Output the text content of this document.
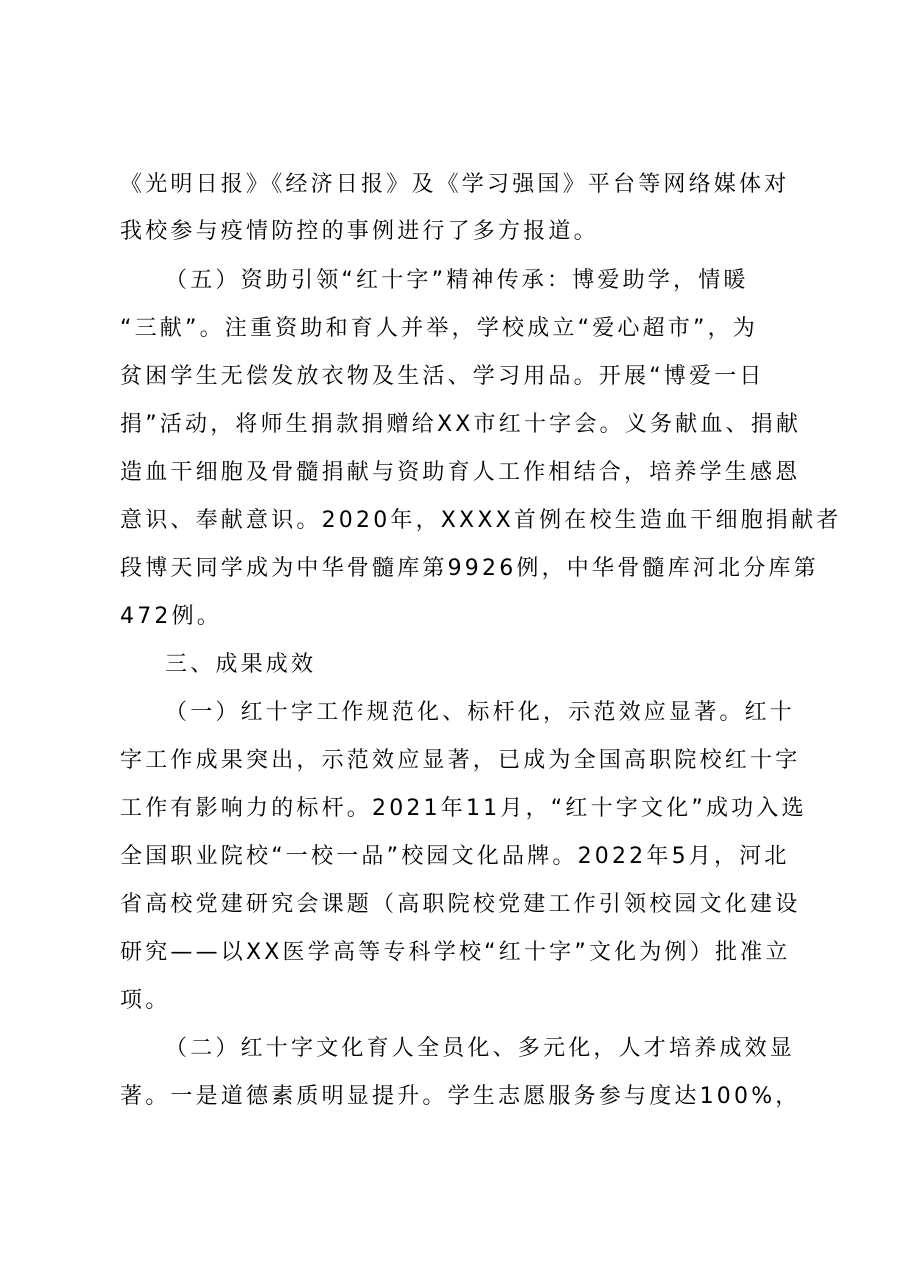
《光明日报》《经济日报》及《学习强国》平台等网络媒体对
我校参与疫情防控的事例进行了多方报道。
（五）资助引领“红十字”精神传承：博爱助学，情暖
“三献”。注重资助和育人并举，学校成立“爱心超市”，为
贫困学生无偿发放衣物及生活、学习用品。开展“博爱一日
捐”活动，将师生捐款捐赠给XX市红十字会。义务献血、捐献
造血干细胞及骨髓捐献与资助育人工作相结合，培养学生感恩
意识、奉献意识。2020年，XXXX首例在校生造血干细胞捐献者
段博天同学成为中华骨髓库第9926例，中华骨髓库河北分库第
472例。
三、成果成效
（一）红十字工作规范化、标杆化，示范效应显著。红十
字工作成果突出，示范效应显著，已成为全国高职院校红十字
工作有影响力的标杆。2021年11月，“红十字文化”成功入选
全国职业院校“一校一品”校园文化品牌。2022年5月，河北
省高校党建研究会课题（高职院校党建工作引领校园文化建设
研究——以XX医学高等专科学校“红十字”文化为例）批准立
项。
（二）红十字文化育人全员化、多元化，人才培养成效显
著。一是道德素质明显提升。学生志愿服务参与度达100%，
